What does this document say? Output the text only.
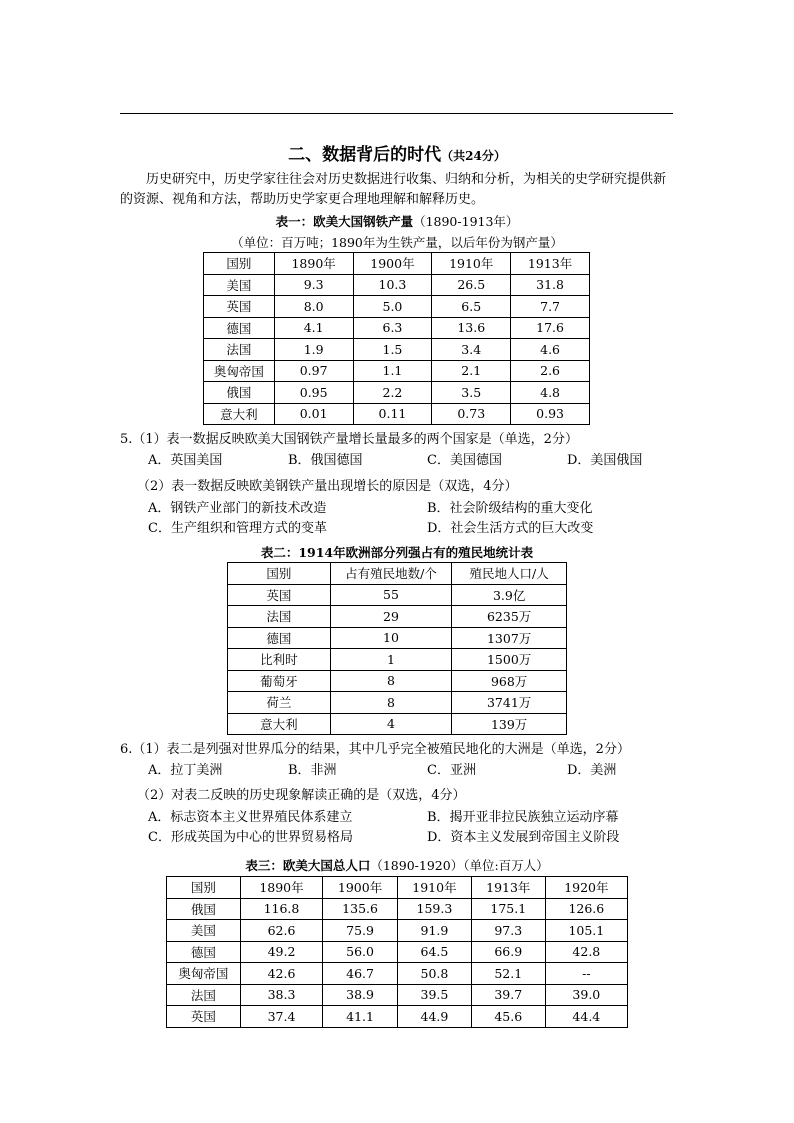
二、数据背后的时代（共24分）
历史研究中，历史学家往往会对历史数据进行收集、归纳和分析，为相关的史学研究提供新的资源、视角和方法，帮助历史学家更合理地理解和解释历史。
表一：欧美大国钢铁产量（1890-1913年）
（单位：百万吨；1890年为生铁产量，以后年份为钢产量）
国别	1890年	1900年	1910年	1913年
美国	9.3	10.3	26.5	31.8
英国	8.0	5.0	6.5	7.7
德国	4.1	6.3	13.6	17.6
法国	1.9	1.5	3.4	4.6
奥匈帝国	0.97	1.1	2.1	2.6
俄国	0.95	2.2	3.5	4.8
意大利	0.01	0.11	0.73	0.93
5.（1）表一数据反映欧美大国钢铁产量增长量最多的两个国家是（单选，2分）
A．英国美国	B．俄国德国	C．美国德国	D．美国俄国
（2）表一数据反映欧美钢铁产量出现增长的原因是（双选，4分）
A．钢铁产业部门的新技术改造	B．社会阶级结构的重大变化
C．生产组织和管理方式的变革	D．社会生活方式的巨大改变
表二：1914年欧洲部分列强占有的殖民地统计表
国别	占有殖民地数/个	殖民地人口/人
英国	55	3.9亿
法国	29	6235万
德国	10	1307万
比利时	1	1500万
葡萄牙	8	968万
荷兰	8	3741万
意大利	4	139万
6.（1）表二是列强对世界瓜分的结果，其中几乎完全被殖民地化的大洲是（单选，2分）
A．拉丁美洲	B．非洲	C．亚洲	D．美洲
（2）对表二反映的历史现象解读正确的是（双选，4分）
A．标志资本主义世界殖民体系建立	B．揭开亚非拉民族独立运动序幕
C．形成英国为中心的世界贸易格局	D．资本主义发展到帝国主义阶段
表三：欧美大国总人口（1890-1920）（单位:百万人）
国别	1890年	1900年	1910年	1913年	1920年
俄国	116.8	135.6	159.3	175.1	126.6
美国	62.6	75.9	91.9	97.3	105.1
德国	49.2	56.0	64.5	66.9	42.8
奥匈帝国	42.6	46.7	50.8	52.1	--
法国	38.3	38.9	39.5	39.7	39.0
英国	37.4	41.1	44.9	45.6	44.4
